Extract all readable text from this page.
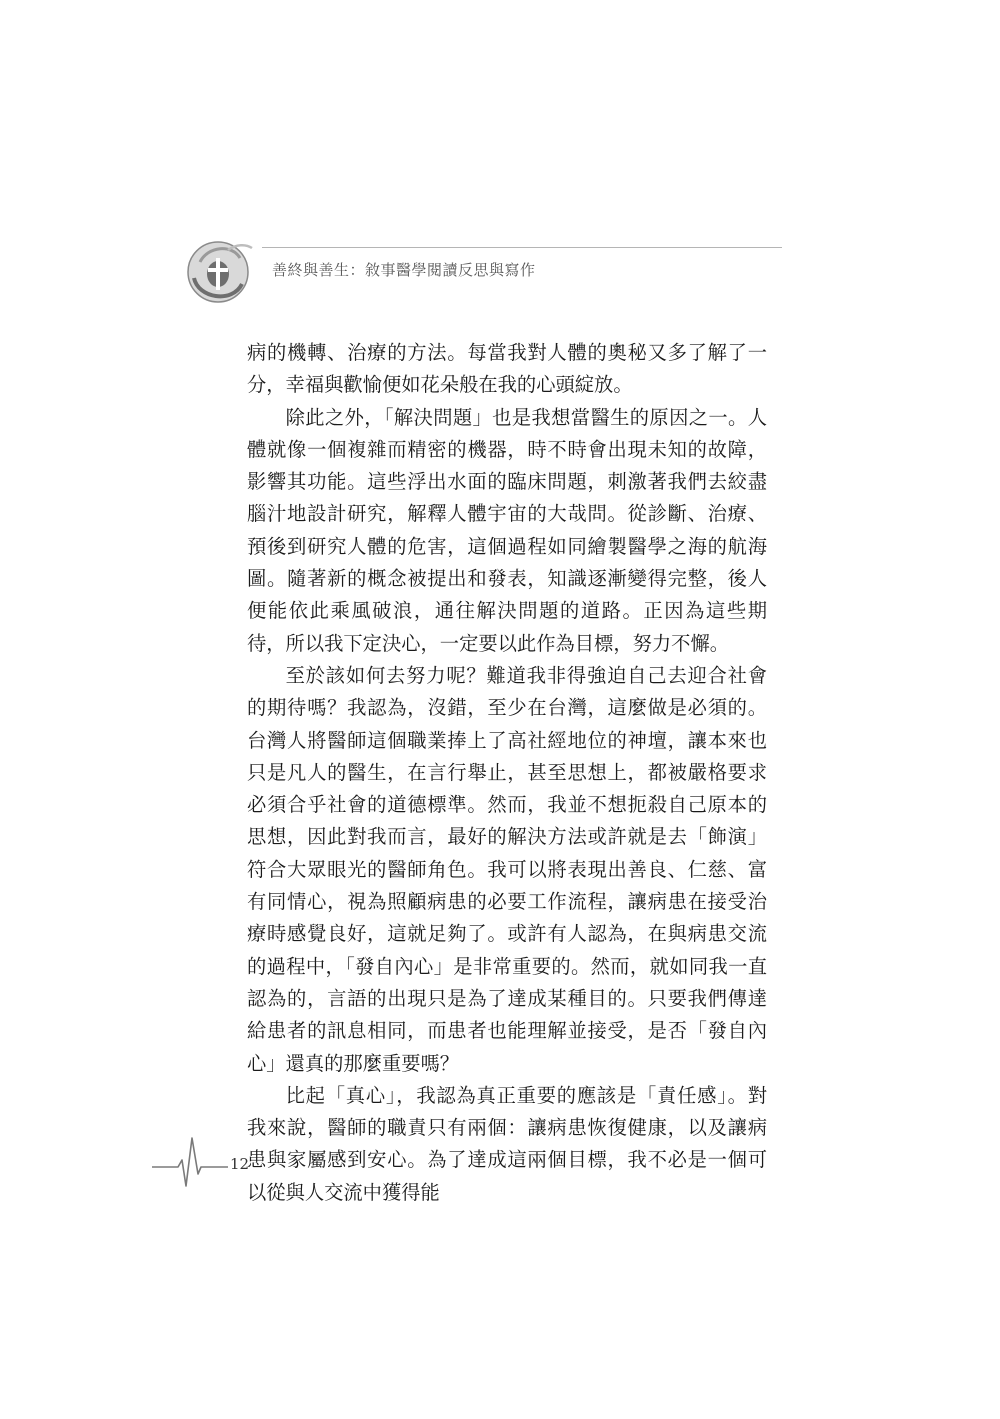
善終與善生：敘事醫學閱讀反思與寫作

病的機轉、治療的方法。每當我對人體的奧秘又多了解了一分，幸福與歡愉便如花朵般在我的心頭綻放。

除此之外，「解決問題」也是我想當醫生的原因之一。人體就像一個複雜而精密的機器，時不時會出現未知的故障，影響其功能。這些浮出水面的臨床問題，刺激著我們去絞盡腦汁地設計研究，解釋人體宇宙的大哉問。從診斷、治療、預後到研究人體的危害，這個過程如同繪製醫學之海的航海圖。隨著新的概念被提出和發表，知識逐漸變得完整，後人便能依此乘風破浪，通往解決問題的道路。正因為這些期待，所以我下定決心，一定要以此作為目標，努力不懈。

至於該如何去努力呢？難道我非得強迫自己去迎合社會的期待嗎？我認為，沒錯，至少在台灣，這麼做是必須的。台灣人將醫師這個職業捧上了高社經地位的神壇，讓本來也只是凡人的醫生，在言行舉止，甚至思想上，都被嚴格要求必須合乎社會的道德標準。然而，我並不想扼殺自己原本的思想，因此對我而言，最好的解決方法或許就是去「飾演」符合大眾眼光的醫師角色。我可以將表現出善良、仁慈、富有同情心，視為照顧病患的必要工作流程，讓病患在接受治療時感覺良好，這就足夠了。或許有人認為，在與病患交流的過程中，「發自內心」是非常重要的。然而，就如同我一直認為的，言語的出現只是為了達成某種目的。只要我們傳達給患者的訊息相同，而患者也能理解並接受，是否「發自內心」還真的那麼重要嗎？

比起「真心」，我認為真正重要的應該是「責任感」。對我來說，醫師的職責只有兩個：讓病患恢復健康，以及讓病患與家屬感到安心。為了達成這兩個目標，我不必是一個可以從與人交流中獲得能

12
